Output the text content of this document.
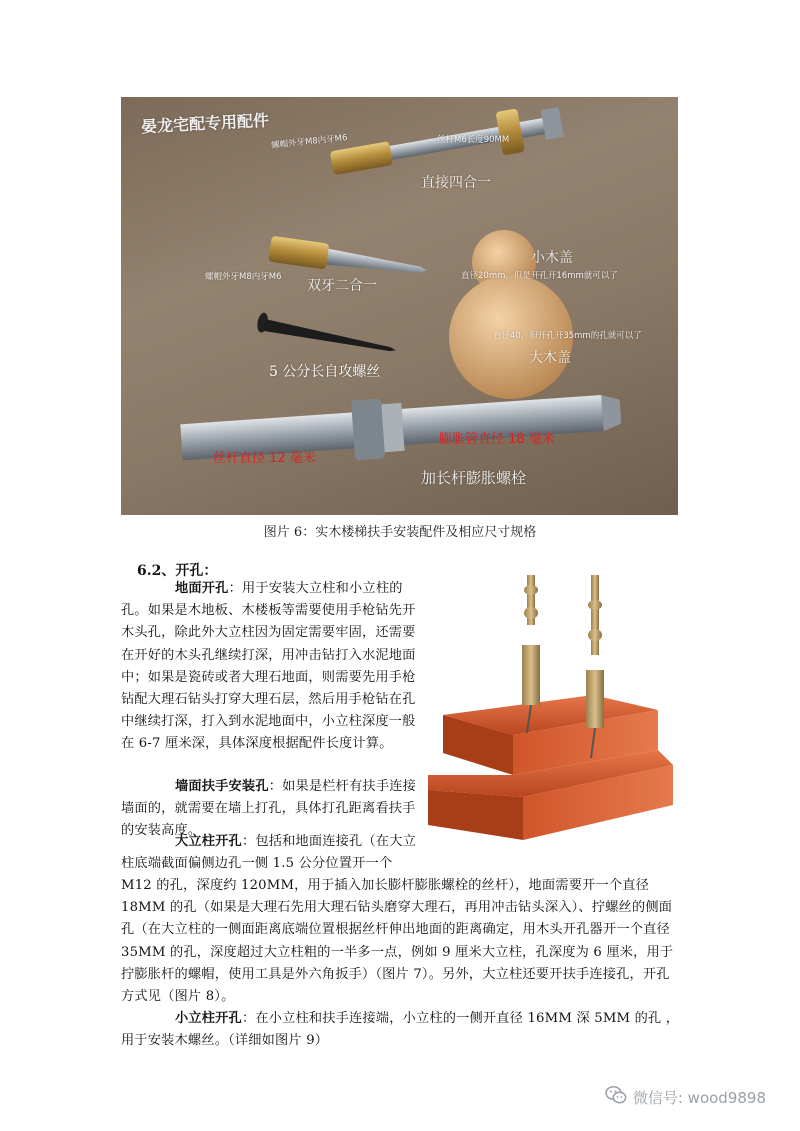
晏龙宅配专用配件
螺帽外牙M8内牙M6	丝杆M6长度90MM
直接四合一
螺帽外牙M8内牙M6
双牙二合一
小木盖
直径20mm，但是开孔开16mm就可以了
直径40，但开孔开35mm的孔就可以了
大木盖
5 公分长自攻螺丝
膨胀管直径 18 毫米
丝杆直径 12 毫米
加长杆膨胀螺栓
图片 6：实木楼梯扶手安装配件及相应尺寸规格
6.2、开孔：
地面开孔：用于安装大立柱和小立柱的孔。如果是木地板、木楼板等需要使用手枪钻先开木头孔，除此外大立柱因为固定需要牢固，还需要在开好的木头孔继续打深，用冲击钻打入水泥地面中；如果是瓷砖或者大理石地面，则需要先用手枪钻配大理石钻头打穿大理石层，然后用手枪钻在孔中继续打深，打入到水泥地面中，小立柱深度一般在 6-7 厘米深，具体深度根据配件长度计算。
墙面扶手安装孔：如果是栏杆有扶手连接墙面的，就需要在墙上打孔，具体打孔距离看扶手的安装高度。
大立柱开孔：包括和地面连接孔（在大立柱底端截面偏侧边孔一侧 1.5 公分位置开一个
M12 的孔，深度约 120MM，用于插入加长膨杆膨胀螺栓的丝杆），地面需要开一个直径 18MM 的孔（如果是大理石先用大理石钻头磨穿大理石，再用冲击钻头深入）、拧螺丝的侧面孔（在大立柱的一侧面距离底端位置根据丝杆伸出地面的距离确定，用木头开孔器开一个直径 35MM 的孔，深度超过大立柱粗的一半多一点，例如 9 厘米大立柱，孔深度为 6 厘米，用于拧膨胀杆的螺帽，使用工具是外六角扳手）（图片 7）。另外，大立柱还要开扶手连接孔，开孔方式见（图片 8）。
小立柱开孔：在小立柱和扶手连接端，小立柱的一侧开直径 16MM 深 5MM 的孔 ，用于安装木螺丝。（详细如图片 9）
微信号: wood9898
